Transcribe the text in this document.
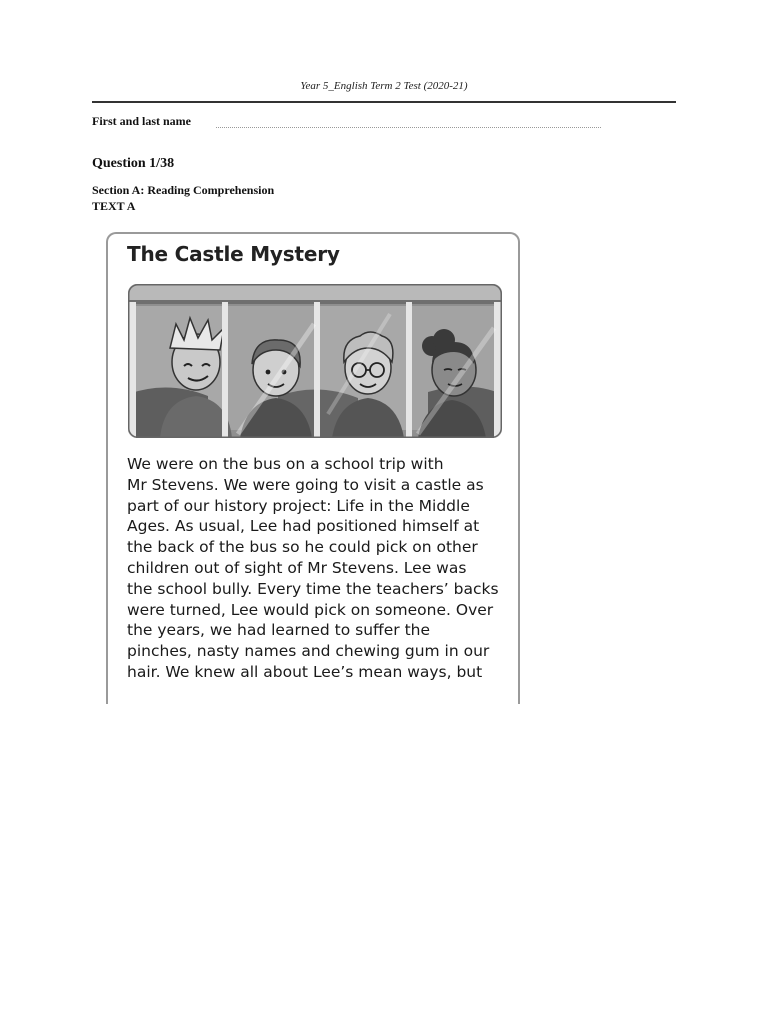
Year 5_English Term 2 Test (2020-21)
First and last name
Question 1/38
Section A: Reading Comprehension
TEXT A
The Castle Mystery

We were on the bus on a school trip with
Mr Stevens. We were going to visit a castle as
part of our history project: Life in the Middle
Ages. As usual, Lee had positioned himself at
the back of the bus so he could pick on other
children out of sight of Mr Stevens. Lee was
the school bully. Every time the teachers’ backs
were turned, Lee would pick on someone. Over
the years, we had learned to suffer the
pinches, nasty names and chewing gum in our
hair. We knew all about Lee’s mean ways, but
